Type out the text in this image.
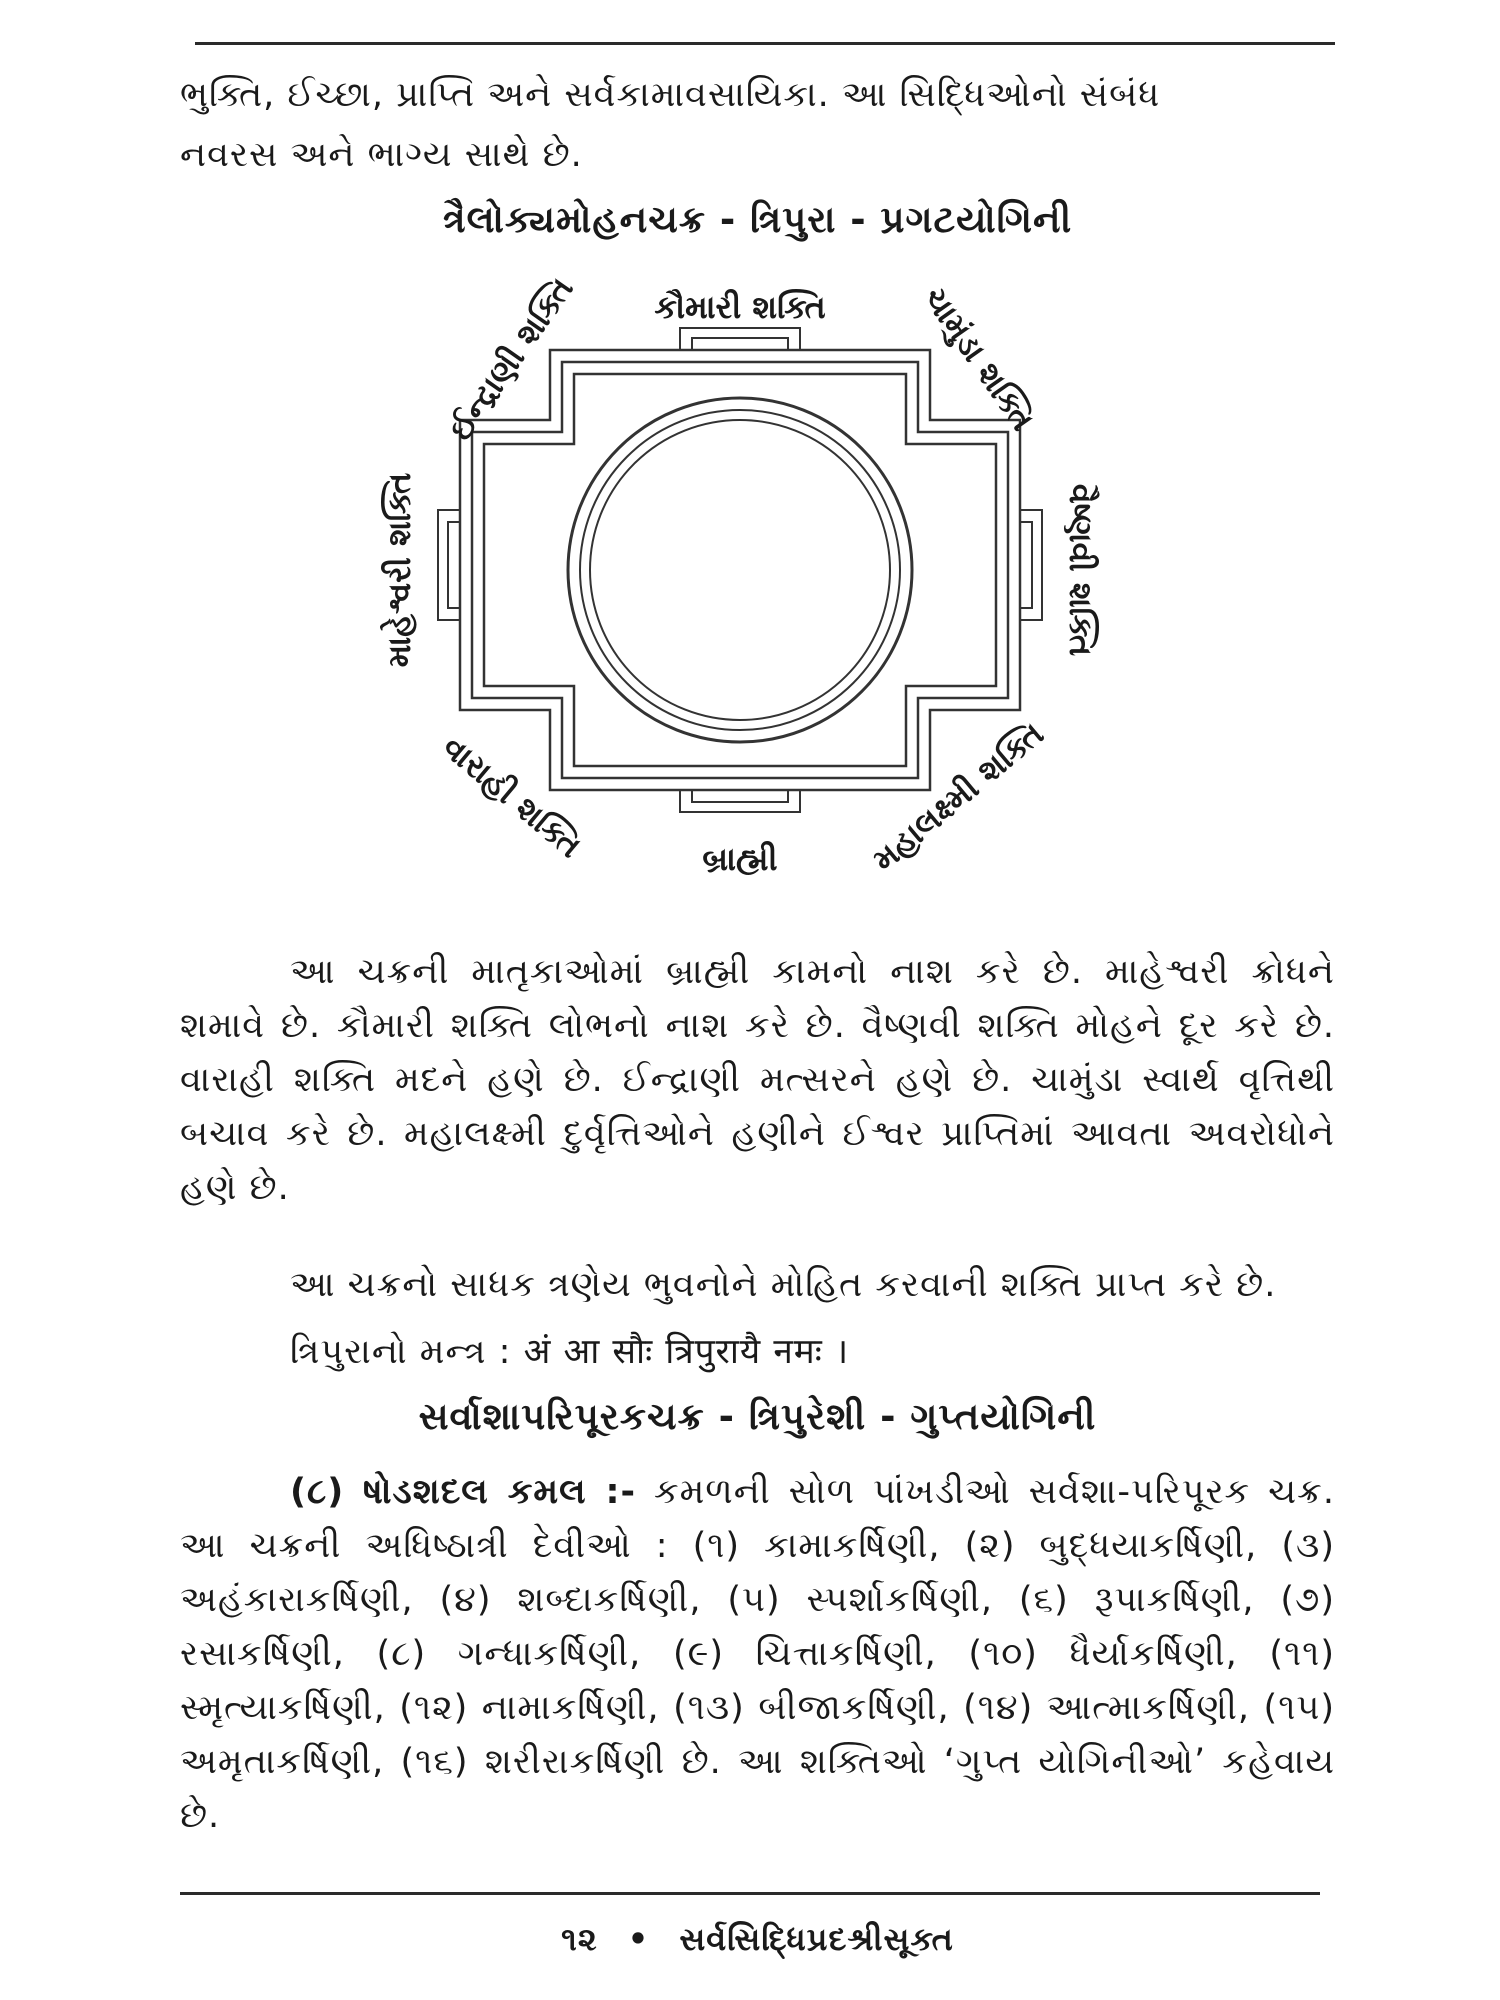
ભુક્તિ, ઈચ્છા, પ્રાપ્તિ અને સર્વકામાવસાયિકા. આ સિદ્ધિઓનો સંબંધ
નવરસ અને ભાગ્ય સાથે છે.
ત્રૈલોક્યમોહનચક્ર - ત્રિપુરા - પ્રગટયોગિની
કૌમારી શક્તિ
ઈન્દ્રાણી શક્તિ	ચામુંડા શક્તિ
માહેશ્વરી શક્તિ	વૈષ્ણવી શક્તિ
વારાહી શક્તિ	બ્રાહ્મી	મહાલક્ષ્મી શક્તિ
આ ચક્રની માતૃકાઓમાં બ્રાહ્મી કામનો નાશ કરે છે. માહેશ્વરી ક્રોધને શમાવે છે. કૌમારી શક્તિ લોભનો નાશ કરે છે. વૈષ્ણવી શક્તિ મોહને દૂર કરે છે. વારાહી શક્તિ મદને હણે છે. ઈન્દ્રાણી મત્સરને હણે છે. ચામુંડા સ્વાર્થ વૃત્તિથી બચાવ કરે છે. મહાલક્ષ્મી દુર્વૃત્તિઓને હણીને ઈશ્વર પ્રાપ્તિમાં આવતા અવરોધોને હણે છે.
આ ચક્રનો સાધક ત્રણેય ભુવનોને મોહિત કરવાની શક્તિ પ્રાપ્ત કરે છે.
ત્રિપુરાનો મન્ત્ર : अं आ सौः त्रिपुरायै नमः ।
સર્વાશાપરિપૂરકચક્ર - ત્રિપુરેશી - ગુપ્તયોગિની
(૮) ષોડશદલ કમલ :- કમળની સોળ પાંખડીઓ સર્વશા-પરિપૂરક ચક્ર. આ ચક્રની અધિષ્ઠાત્રી દેવીઓ : (૧) કામાકર્ષિણી, (૨) બુદ્ધયાકર્ષિણી, (૩) અહંકારાકર્ષિણી, (૪) શબ્દાકર્ષિણી, (૫) સ્પર્શાકર્ષિણી, (૬) રૂપાકર્ષિણી, (૭) રસાકર્ષિણી, (૮) ગન્ધાકર્ષિણી, (૯) ચિત્તાકર્ષિણી, (૧૦) ધૈર્યાકર્ષિણી, (૧૧) સ્મૃત્યાકર્ષિણી, (૧૨) નામાકર્ષિણી, (૧૩) બીજાકર્ષિણી, (૧૪) આત્માકર્ષિણી, (૧૫) અમૃતાકર્ષિણી, (૧૬) શરીરાકર્ષિણી છે. આ શક્તિઓ ‘ગુપ્ત યોગિનીઓ’ કહેવાય છે.
૧૨ • સર્વસિદ્ધિપ્રદશ્રીસૂક્ત
